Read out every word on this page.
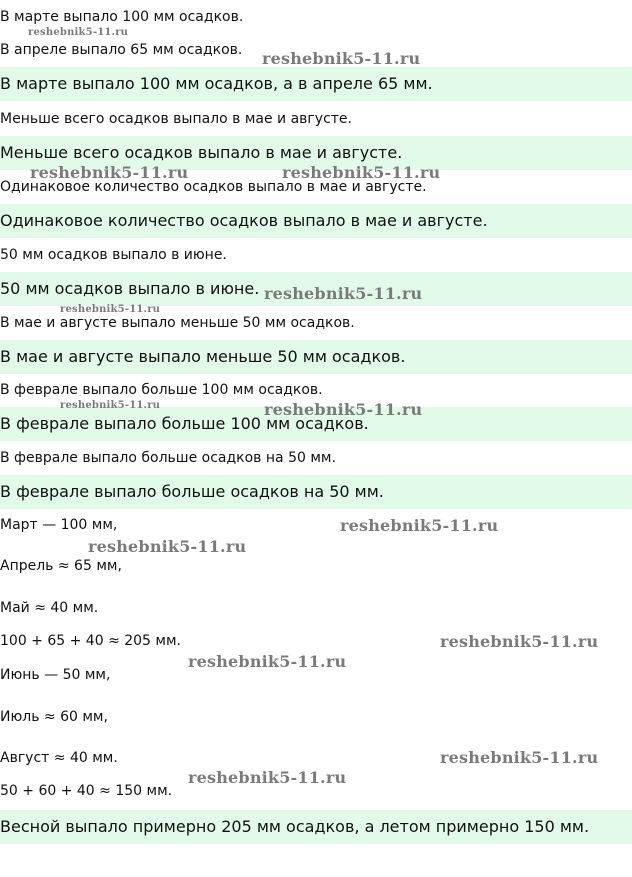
В марте выпало 100 мм осадков.

В апреле выпало 65 мм осадков.

В марте выпало 100 мм осадков, а в апреле 65 мм.

Меньше всего осадков выпало в мае и августе.

Меньше всего осадков выпало в мае и августе.

Одинаковое количество осадков выпало в мае и августе.

Одинаковое количество осадков выпало в мае и августе.

50 мм осадков выпало в июне.

50 мм осадков выпало в июне.

В мае и августе выпало меньше 50 мм осадков.

В мае и августе выпало меньше 50 мм осадков.

В феврале выпало больше 100 мм осадков.

В феврале выпало больше 100 мм осадков.

В феврале выпало больше осадков на 50 мм.

В феврале выпало больше осадков на 50 мм.

Март — 100 мм,

Апрель ≈ 65 мм,

Май ≈ 40 мм.

100 + 65 + 40 ≈ 205 мм.

Июнь — 50 мм,

Июль ≈ 60 мм,

Август ≈ 40 мм.

50 + 60 + 40 ≈ 150 мм.

Весной выпало примерно 205 мм осадков, а летом примерно 150 мм.

reshebnik5-11.ru
reshebnik5-11.ru
reshebnik5-11.ru	reshebnik5-11.ru
reshebnik5-11.ru
reshebnik5-11.ru
reshebnik5-11.ru	reshebnik5-11.ru
reshebnik5-11.ru
reshebnik5-11.ru
reshebnik5-11.ru
reshebnik5-11.ru
reshebnik5-11.ru
reshebnik5-11.ru
